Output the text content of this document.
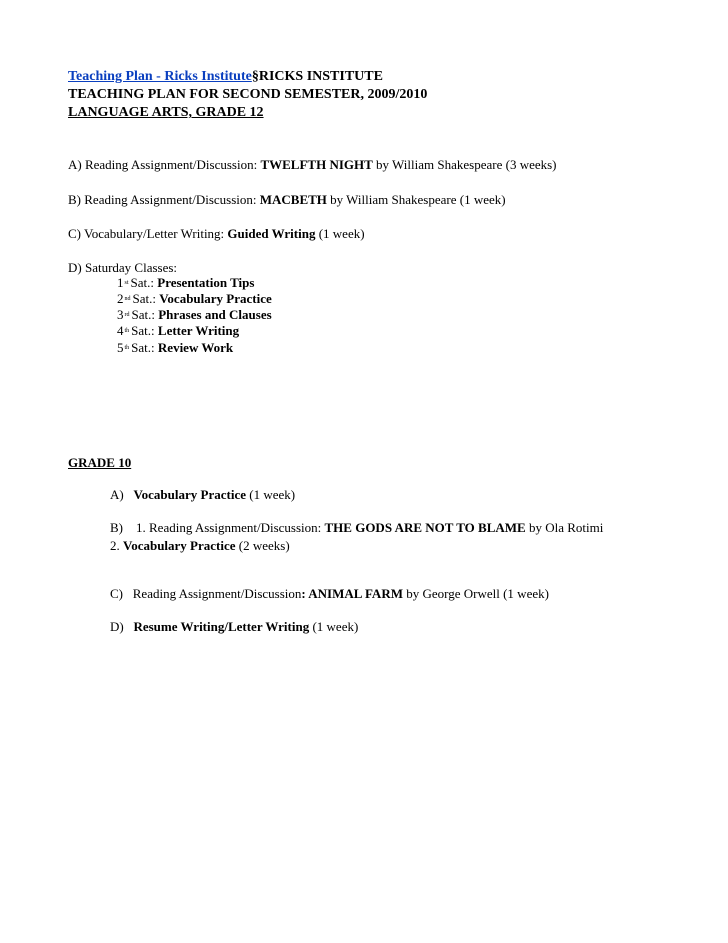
Teaching Plan - Ricks Institute§RICKS INSTITUTE
TEACHING PLAN FOR SECOND SEMESTER, 2009/2010
LANGUAGE ARTS, GRADE 12
A) Reading Assignment/Discussion: TWELFTH NIGHT by William Shakespeare (3 weeks)
B) Reading Assignment/Discussion: MACBETH by William Shakespeare (1 week)
C) Vocabulary/Letter Writing: Guided Writing (1 week)
D) Saturday Classes:
1st Sat.: Presentation Tips
2nd Sat.: Vocabulary Practice
3rd Sat.: Phrases and Clauses
4th Sat.: Letter Writing
5th Sat.: Review Work
GRADE 10
A)   Vocabulary Practice (1 week)
B)    1. Reading Assignment/Discussion: THE GODS ARE NOT TO BLAME by Ola Rotimi
2. Vocabulary Practice (2 weeks)
C)   Reading Assignment/Discussion: ANIMAL FARM by George Orwell (1 week)
D)   Resume Writing/Letter Writing (1 week)
